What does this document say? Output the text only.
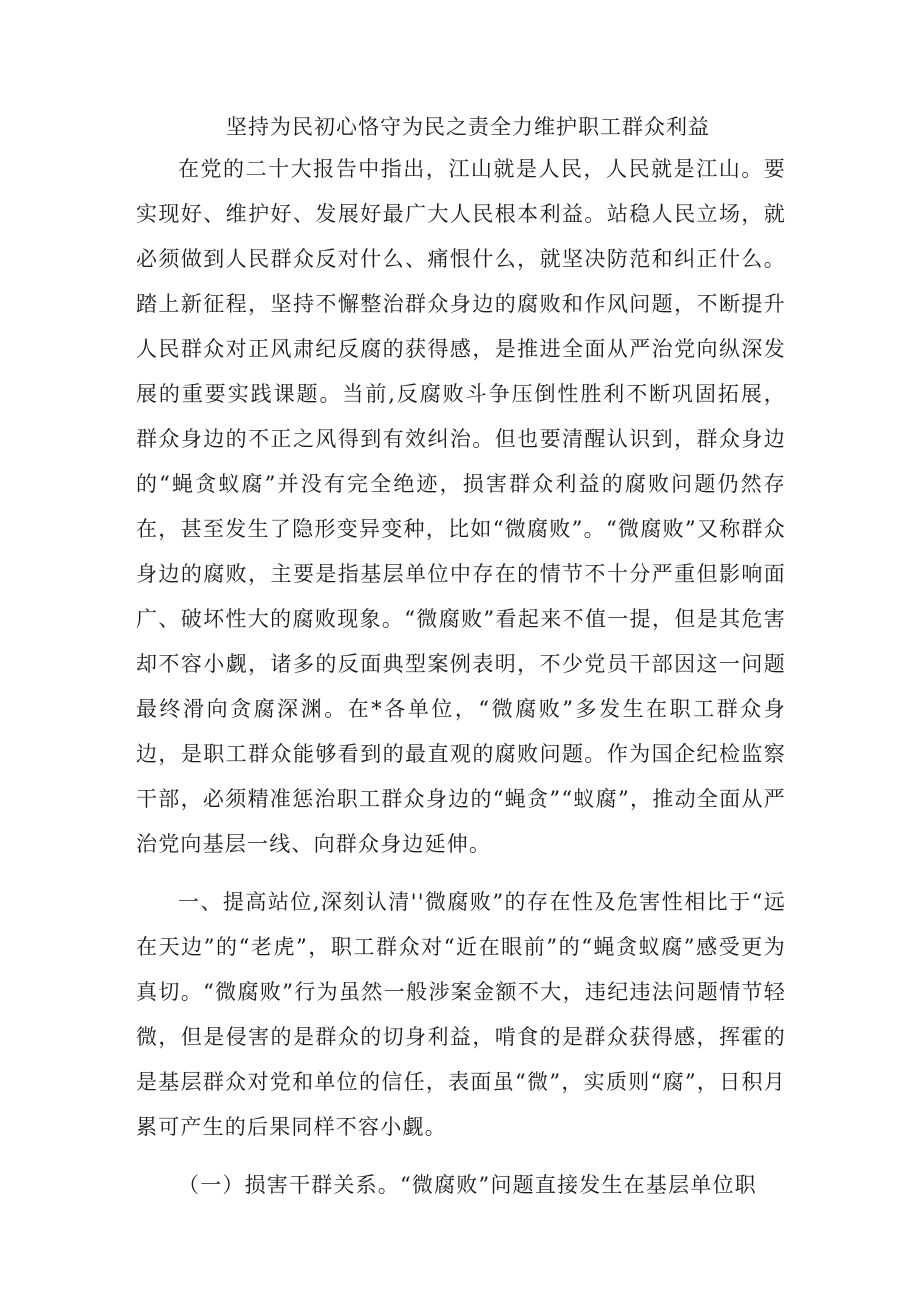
坚持为民初心恪守为民之责全力维护职工群众利益

在党的二十大报告中指出，江山就是人民，人民就是江山。要实现好、维护好、发展好最广大人民根本利益。站稳人民立场，就必须做到人民群众反对什么、痛恨什么，就坚决防范和纠正什么。踏上新征程，坚持不懈整治群众身边的腐败和作风问题，不断提升人民群众对正风肃纪反腐的获得感，是推进全面从严治党向纵深发展的重要实践课题。当前,反腐败斗争压倒性胜利不断巩固拓展，群众身边的不正之风得到有效纠治。但也要清醒认识到，群众身边的“蝇贪蚁腐”并没有完全绝迹，损害群众利益的腐败问题仍然存在，甚至发生了隐形变异变种，比如“微腐败”。“微腐败”又称群众身边的腐败，主要是指基层单位中存在的情节不十分严重但影响面广、破坏性大的腐败现象。“微腐败”看起来不值一提，但是其危害却不容小觑，诸多的反面典型案例表明，不少党员干部因这一问题最终滑向贪腐深渊。在*各单位，“微腐败”多发生在职工群众身边，是职工群众能够看到的最直观的腐败问题。作为国企纪检监察干部，必须精准惩治职工群众身边的“蝇贪”“蚁腐”，推动全面从严治党向基层一线、向群众身边延伸。

一、提高站位,深刻认清''微腐败”的存在性及危害性相比于“远在天边”的“老虎”，职工群众对“近在眼前”的“蝇贪蚁腐”感受更为真切。“微腐败”行为虽然一般涉案金额不大，违纪违法问题情节轻微，但是侵害的是群众的切身利益，啃食的是群众获得感，挥霍的是基层群众对党和单位的信任，表面虽“微”，实质则“腐”，日积月累可产生的后果同样不容小觑。

（一）损害干群关系。“微腐败”问题直接发生在基层单位职
